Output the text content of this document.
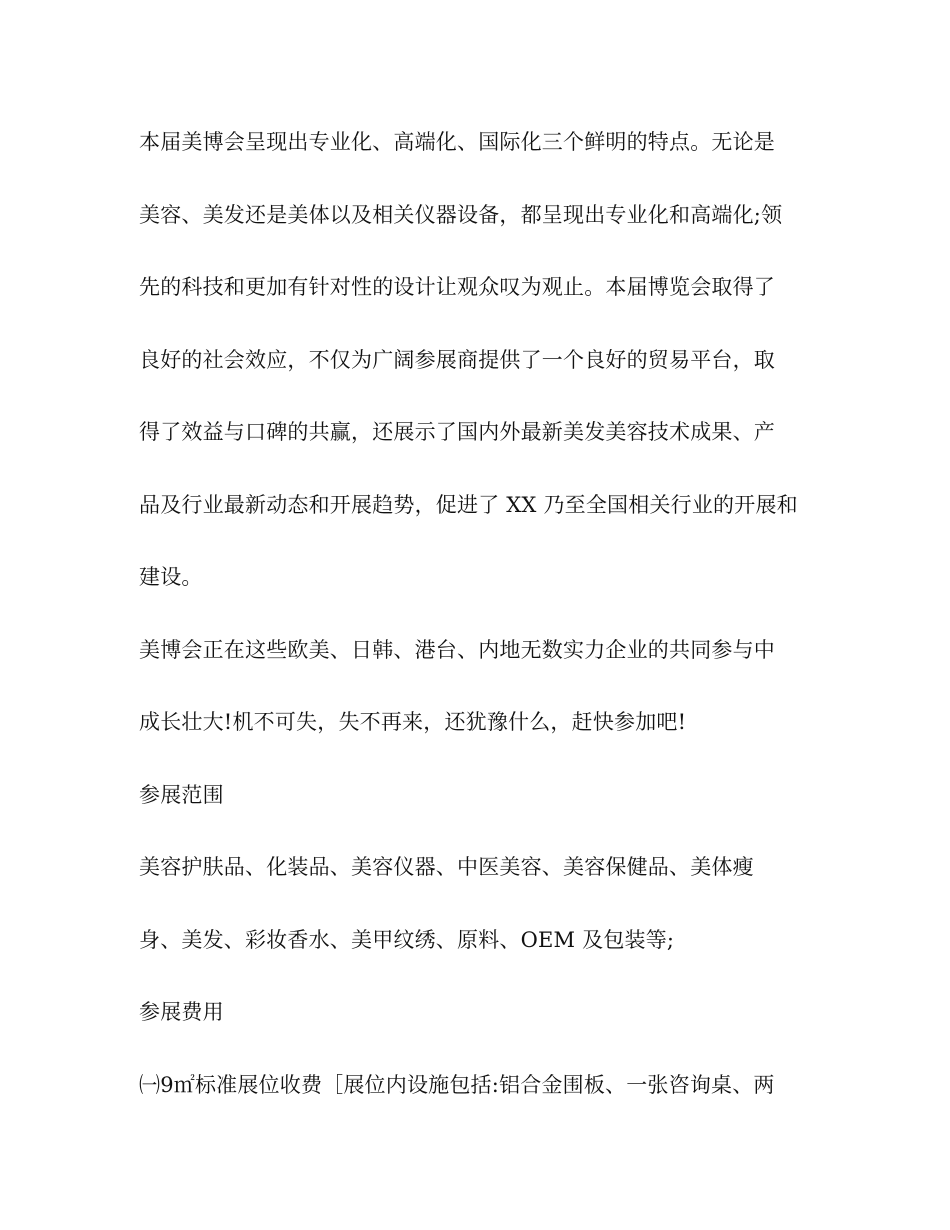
本届美博会呈现出专业化、高端化、国际化三个鲜明的特点。无论是
美容、美发还是美体以及相关仪器设备，都呈现出专业化和高端化;领
先的科技和更加有针对性的设计让观众叹为观止。本届博览会取得了
良好的社会效应，不仅为广阔参展商提供了一个良好的贸易平台，取
得了效益与口碑的共赢，还展示了国内外最新美发美容技术成果、产
品及行业最新动态和开展趋势，促进了 XX 乃至全国相关行业的开展和
建设。
美博会正在这些欧美、日韩、港台、内地无数实力企业的共同参与中
成长壮大!机不可失，失不再来，还犹豫什么，赶快参加吧!
参展范围
美容护肤品、化装品、美容仪器、中医美容、美容保健品、美体瘦
身、美发、彩妆香水、美甲纹绣、原料、OEM 及包装等;
参展费用
㈠9㎡标准展位收费［展位内设施包括:铝合金围板、一张咨询桌、两
